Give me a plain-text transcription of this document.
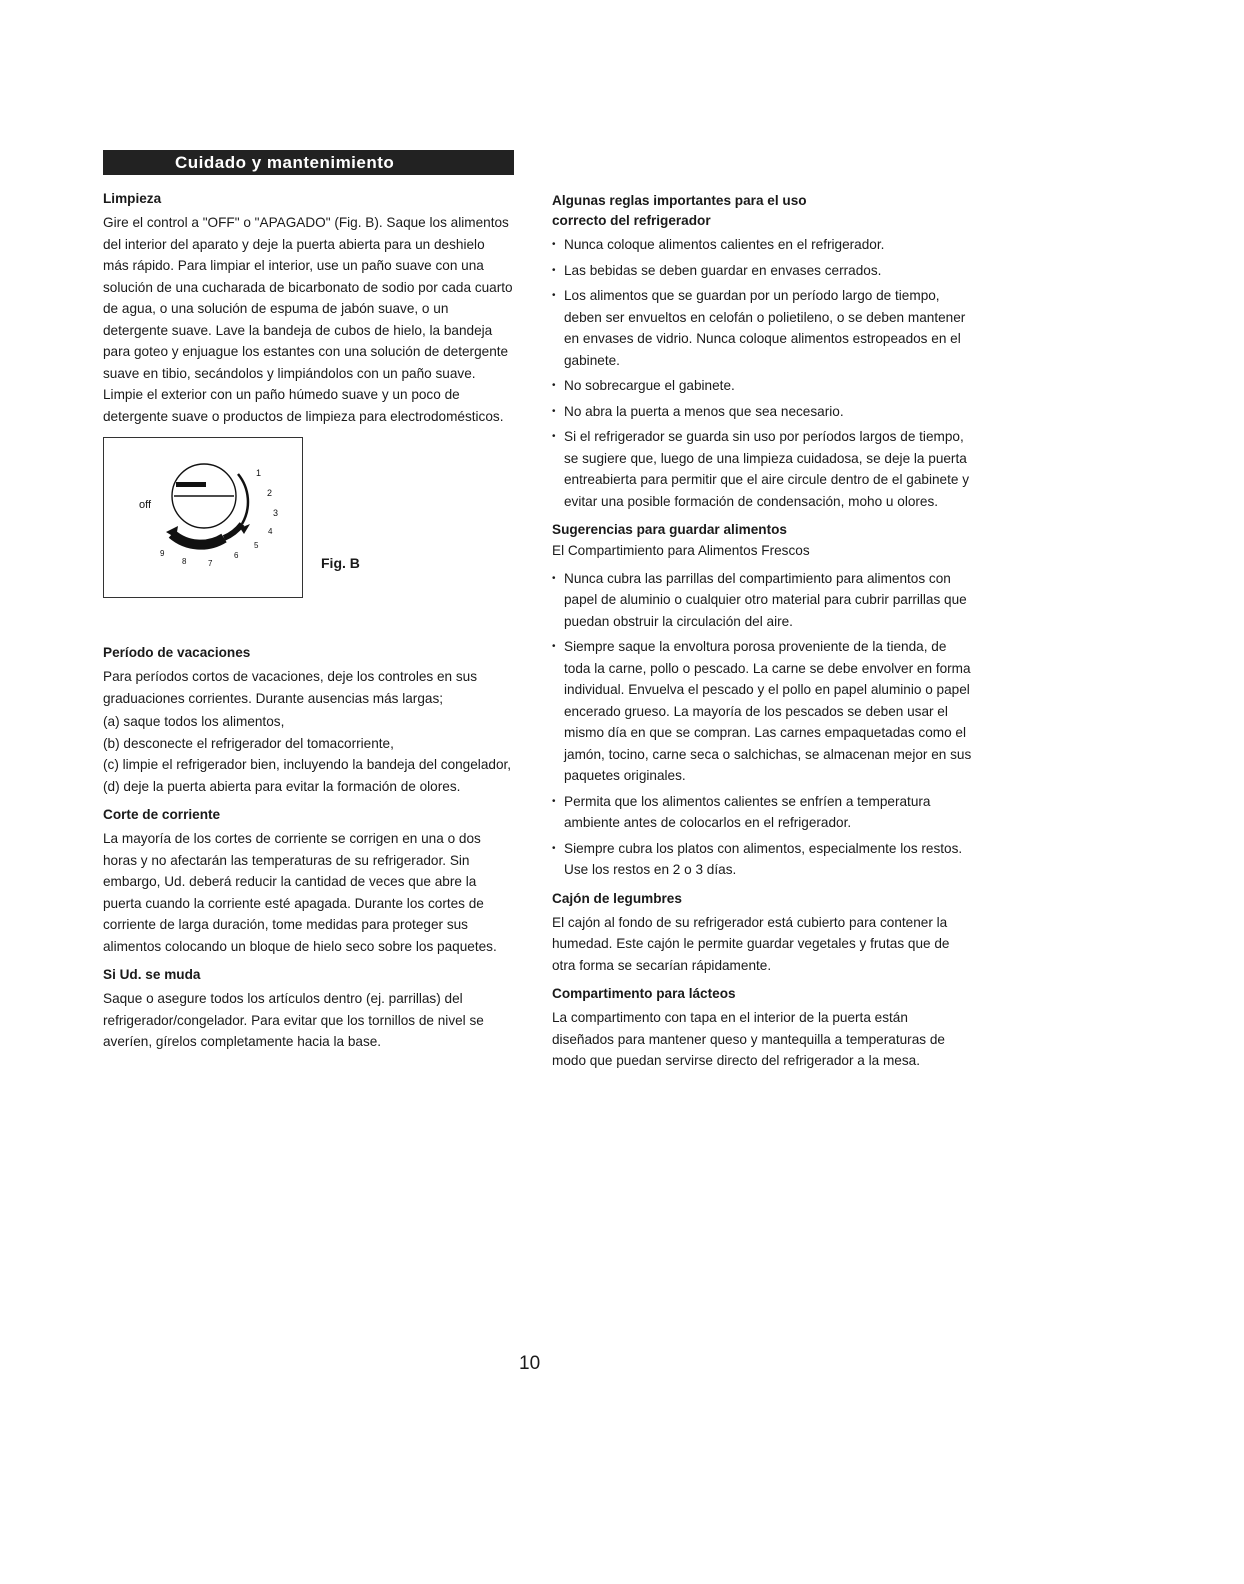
Cuidado y mantenimiento
Limpieza

Gire el control a "OFF" o "APAGADO" (Fig. B). Saque los alimentos del interior del aparato y deje la puerta abierta para un deshielo más rápido. Para limpiar el interior, use un paño suave con una solución de una cucharada de bicarbonato de sodio por cada cuarto de agua, o una solución de espuma de jabón suave, o un detergente suave. Lave la bandeja de cubos de hielo, la bandeja para goteo y enjuague los estantes con una solución de detergente suave en tibio, secándolos y limpiándolos con un paño suave. Limpie el exterior con un paño húmedo suave y un poco de detergente suave o productos de limpieza para electrodomésticos.

off
1
2
3
4
5
6
7
8
9
Fig. B
Período de vacaciones

Para períodos cortos de vacaciones, deje los controles en sus graduaciones corrientes. Durante ausencias más largas;

(a) saque todos los alimentos,
(b) desconecte el refrigerador del tomacorriente,
(c) limpie el refrigerador bien, incluyendo la bandeja del congelador,
(d) deje la puerta abierta para evitar la formación de olores.
Corte de corriente

La mayoría de los cortes de corriente se corrigen en una o dos horas y no afectarán las temperaturas de su refrigerador. Sin embargo, Ud. deberá reducir la cantidad de veces que abre la puerta cuando la corriente esté apagada. Durante los cortes de corriente de larga duración, tome medidas para proteger sus alimentos colocando un bloque de hielo seco sobre los paquetes.

Si Ud. se muda

Saque o asegure todos los artículos dentro (ej. parrillas) del refrigerador/congelador. Para evitar que los tornillos de nivel se averíen, gírelos completamente hacia la base.

Algunas reglas importantes para el uso
correcto del refrigerador
• Nunca coloque alimentos calientes en el refrigerador.
• Las bebidas se deben guardar en envases cerrados.
• Los alimentos que se guardan por un período largo de tiempo, deben ser envueltos en celofán o polietileno, o se deben mantener en envases de vidrio. Nunca coloque alimentos estropeados en el gabinete.
• No sobrecargue el gabinete.
• No abra la puerta a menos que sea necesario.
• Si el refrigerador se guarda sin uso por períodos largos de tiempo, se sugiere que, luego de una limpieza cuidadosa, se deje la puerta entreabierta para permitir que el aire circule dentro de el gabinete y evitar una posible formación de condensación, moho u olores.
Sugerencias para guardar alimentos

El Compartimiento para Alimentos Frescos

• Nunca cubra las parrillas del compartimiento para alimentos con papel de aluminio o cualquier otro material para cubrir parrillas que puedan obstruir la circulación del aire.
• Siempre saque la envoltura porosa proveniente de la tienda, de toda la carne, pollo o pescado. La carne se debe envolver en forma individual. Envuelva el pescado y el pollo en papel aluminio o papel encerado grueso. La mayoría de los pescados se deben usar el mismo día en que se compran. Las carnes empaquetadas como el jamón, tocino, carne seca o salchichas, se almacenan mejor en sus paquetes originales.
• Permita que los alimentos calientes se enfríen a temperatura ambiente antes de colocarlos en el refrigerador.
• Siempre cubra los platos con alimentos, especialmente los restos. Use los restos en 2 o 3 días.
Cajón de legumbres

El cajón al fondo de su refrigerador está cubierto para contener la humedad. Este cajón le permite guardar vegetales y frutas que de otra forma se secarían rápidamente.

Compartimento para lácteos

La compartimento con tapa en el interior de la puerta están diseñados para mantener queso y mantequilla a temperaturas de modo que puedan servirse directo del refrigerador a la mesa.

10
